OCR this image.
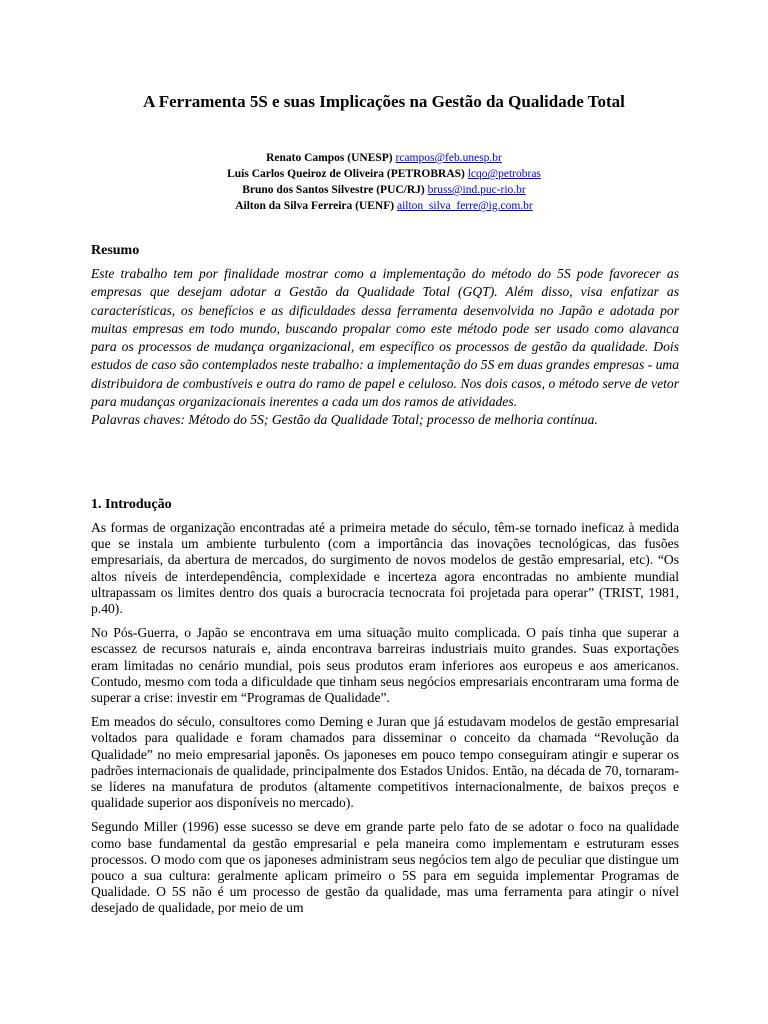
A Ferramenta 5S e suas Implicações na Gestão da Qualidade Total
Renato Campos (UNESP) rcampos@feb.unesp.br
Luís Carlos Queiroz de Oliveira (PETROBRAS) lcqo@petrobras
Bruno dos Santos Silvestre (PUC/RJ) bruss@ind.puc-rio.br
Ailton da Silva Ferreira (UENF) ailton_silva_ferre@ig.com.br
Resumo
Este trabalho tem por finalidade mostrar como a implementação do método do 5S pode favorecer as empresas que desejam adotar a Gestão da Qualidade Total (GQT). Além disso, visa enfatizar as características, os benefícios e as dificuldades dessa ferramenta desenvolvida no Japão e adotada por muitas empresas em todo mundo, buscando propalar como este método pode ser usado como alavanca para os processos de mudança organizacional, em específico os processos de gestão da qualidade. Dois estudos de caso são contemplados neste trabalho: a implementação do 5S em duas grandes empresas - uma distribuidora de combustíveis e outra do ramo de papel e celuloso. Nos dois casos, o método serve de vetor para mudanças organizacionais inerentes a cada um dos ramos de atividades.
Palavras chaves: Método do 5S; Gestão da Qualidade Total; processo de melhoria contínua.
1. Introdução

As formas de organização encontradas até a primeira metade do século, têm-se tornado ineficaz à medida que se instala um ambiente turbulento (com a importância das inovações tecnológicas, das fusões empresariais, da abertura de mercados, do surgimento de novos modelos de gestão empresarial, etc). “Os altos níveis de interdependência, complexidade e incerteza agora encontradas no ambiente mundial ultrapassam os limites dentro dos quais a burocracia tecnocrata foi projetada para operar” (TRIST, 1981, p.40).

No Pós-Guerra, o Japão se encontrava em uma situação muito complicada. O país tinha que superar a escassez de recursos naturais e, ainda encontrava barreiras industriais muito grandes. Suas exportações eram limitadas no cenário mundial, pois seus produtos eram inferiores aos europeus e aos americanos. Contudo, mesmo com toda a dificuldade que tinham seus negócios empresariais encontraram uma forma de superar a crise: investir em “Programas de Qualidade”.

Em meados do século, consultores como Deming e Juran que já estudavam modelos de gestão empresarial voltados para qualidade e foram chamados para disseminar o conceito da chamada “Revolução da Qualidade” no meio empresarial japonês. Os japoneses em pouco tempo conseguiram atingir e superar os padrões internacionais de qualidade, principalmente dos Estados Unidos. Então, na década de 70, tornaram-se líderes na manufatura de produtos (altamente competitivos internacionalmente, de baixos preços e qualidade superior aos disponíveis no mercado).

Segundo Miller (1996) esse sucesso se deve em grande parte pelo fato de se adotar o foco na qualidade como base fundamental da gestão empresarial e pela maneira como implementam e estruturam esses processos. O modo com que os japoneses administram seus negócios tem algo de peculiar que distingue um pouco a sua cultura: geralmente aplicam primeiro o 5S para em seguida implementar Programas de Qualidade. O 5S não é um processo de gestão da qualidade, mas uma ferramenta para atingir o nível desejado de qualidade, por meio de um
